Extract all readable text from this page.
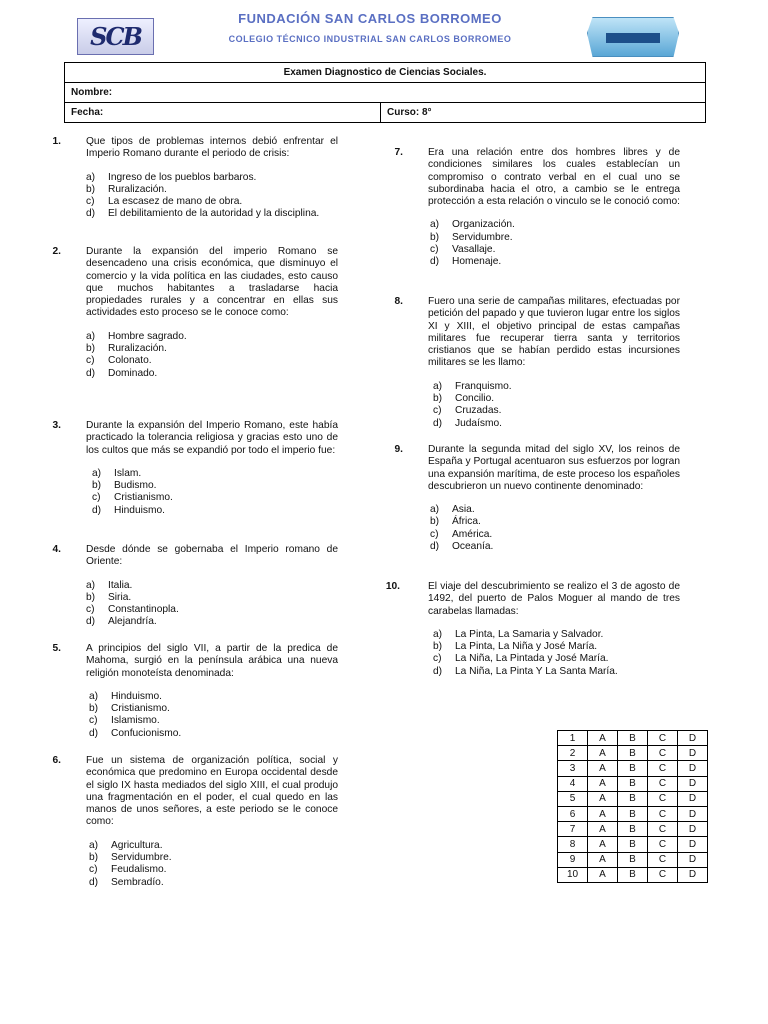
SCB
FUNDACIÓN SAN CARLOS BORROMEO
COLEGIO TÉCNICO INDUSTRIAL SAN CARLOS BORROMEO
Examen Diagnostico de Ciencias Sociales.
Nombre:
Fecha:	Curso: 8°
1. Que tipos de problemas internos debió enfrentar el Imperio Romano durante el periodo de crisis:
a) Ingreso de los pueblos barbaros.
b) Ruralización.
c) La escasez de mano de obra.
d) El debilitamiento de la autoridad y la disciplina.
2. Durante la expansión del imperio Romano se desencadeno una crisis económica, que disminuyo el comercio y la vida política en las ciudades, esto causo que muchos habitantes a trasladarse hacia propiedades rurales y a concentrar en ellas sus actividades esto proceso se le conoce como:
a) Hombre sagrado.
b) Ruralización.
c) Colonato.
d) Dominado.
3. Durante la expansión del Imperio Romano, este había practicado la tolerancia religiosa y gracias esto uno de los cultos que más se expandió por todo el imperio fue:
a) Islam.
b) Budismo.
c) Cristianismo.
d) Hinduismo.
4. Desde dónde se gobernaba el Imperio romano de Oriente:
a) Italia.
b) Siria.
c) Constantinopla.
d) Alejandría.
5. A principios del siglo VII, a partir de la predica de Mahoma, surgió en la península arábica una nueva religión monoteísta denominada:
a) Hinduismo.
b) Cristianismo.
c) Islamismo.
d) Confucionismo.
6. Fue un sistema de organización política, social y económica que predomino en Europa occidental desde el siglo IX hasta mediados del siglo XIII, el cual produjo una fragmentación en el poder, el cual quedo en las manos de unos señores, a este periodo se le conoce como:
a) Agricultura.
b) Servidumbre.
c) Feudalismo.
d) Sembradío.
7. Era una relación entre dos hombres libres y de condiciones similares los cuales establecían un compromiso o contrato verbal en el cual uno se subordinaba hacia el otro, a cambio se le entrega protección a esta relación o vinculo se le conoció como:
a) Organización.
b) Servidumbre.
c) Vasallaje.
d) Homenaje.
8. Fuero una serie de campañas militares, efectuadas por petición del papado y que tuvieron lugar entre los siglos XI y XIII, el objetivo principal de estas campañas militares fue recuperar tierra santa y territorios cristianos que se habían perdido estas incursiones militares se les llamo:
a) Franquismo.
b) Concilio.
c) Cruzadas.
d) Judaísmo.
9. Durante la segunda mitad del siglo XV, los reinos de España y Portugal acentuaron sus esfuerzos por logran una expansión marítima, de este proceso los españoles descubrieron un nuevo continente denominado:
a) Asia.
b) África.
c) América.
d) Oceanía.
10.	El viaje del descubrimiento se realizo el 3 de agosto de 1492, del puerto de Palos Moguer al mando de tres carabelas llamadas:
a) La Pinta, La Samaria y Salvador.
b) La Pinta, La Niña y José María.
c) La Niña, La Pintada y José María.
d) La Niña, La Pinta Y La Santa María.
1	A	B	C	D
2	A	B	C	D
3	A	B	C	D
4	A	B	C	D
5	A	B	C	D
6	A	B	C	D
7	A	B	C	D
8	A	B	C	D
9	A	B	C	D
10	A	B	C	D
